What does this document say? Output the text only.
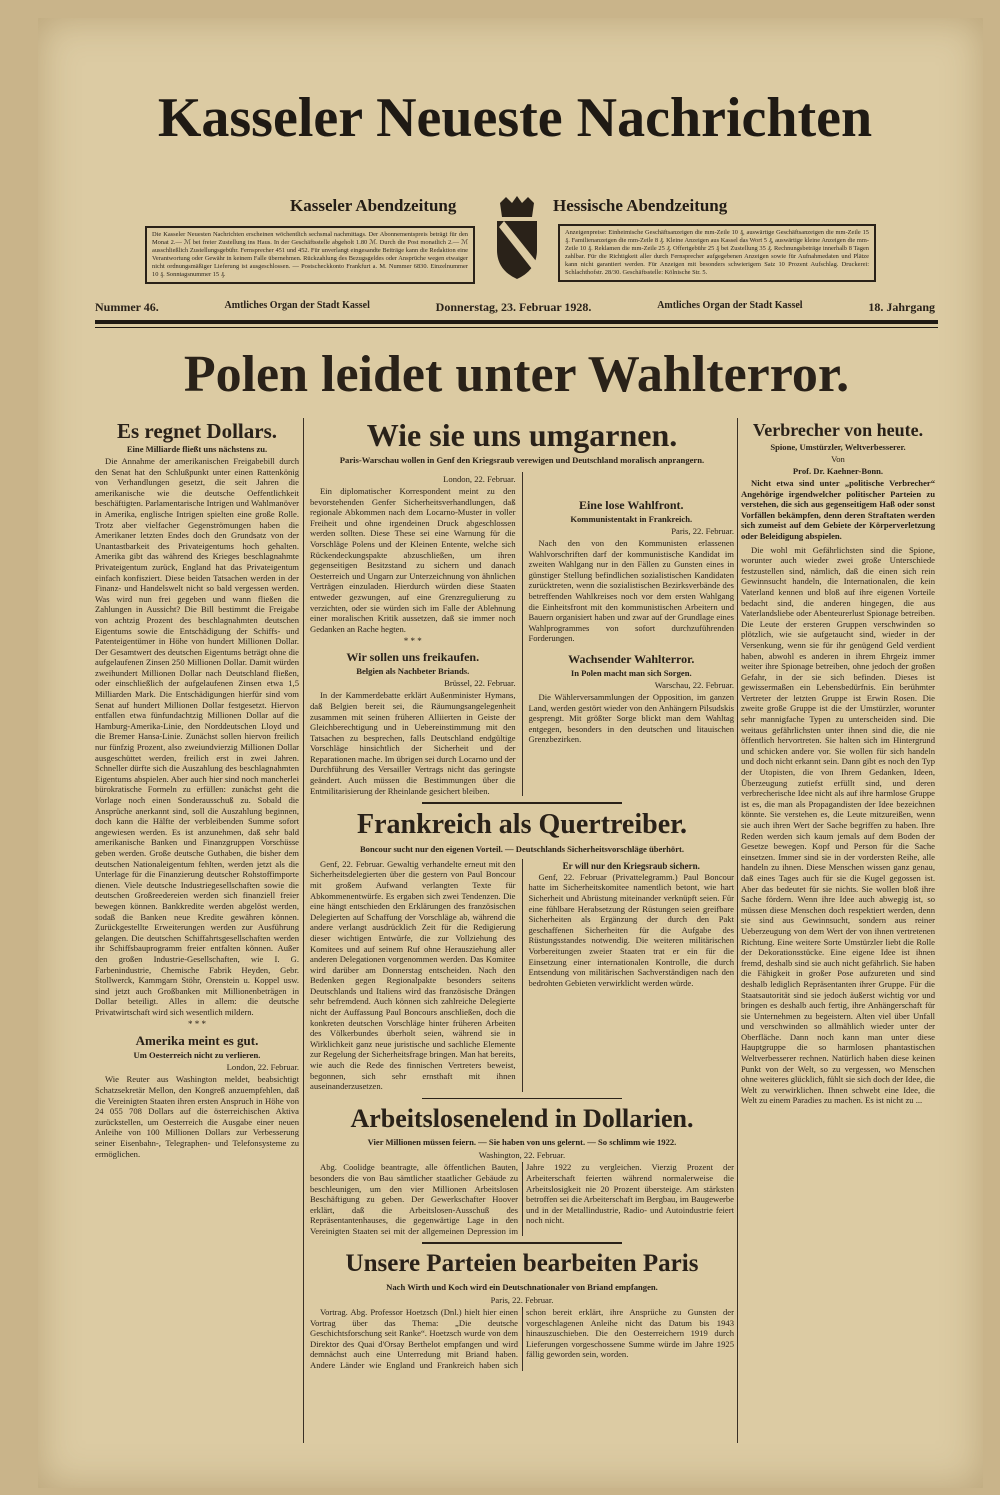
Kasseler Neueste Nachrichten
Kasseler Abendzeitung	Hessische Abendzeitung
Die Kasseler Neuesten Nachrichten erscheinen wöchentlich sechsmal nachmittags. Der Abonnementspreis beträgt für den Monat 2.— ℳ bei freier Zustellung ins Haus. In der Geschäftsstelle abgeholt 1.80 ℳ. Durch die Post monatlich 2.— ℳ ausschließlich Zustellungsgebühr. Fernsprecher 451 und 452. Für unverlangt eingesandte Beiträge kann die Redaktion eine Verantwortung oder Gewähr in keinem Falle übernehmen. Rückzahlung des Bezugsgeldes oder Ansprüche wegen etwaiger nicht ordnungsmäßiger Lieferung ist ausgeschlossen. — Postscheckkonto Frankfurt a. M. Nummer 6830. Einzelnummer 10 ₰. Sonntagsnummer 15 ₰.
Anzeigenpreise: Einheimische Geschäftsanzeigen die mm-Zeile 10 ₰, auswärtige Geschäftsanzeigen die mm-Zeile 15 ₰. Familienanzeigen die mm-Zeile 8 ₰. Kleine Anzeigen aus Kassel das Wort 5 ₰, auswärtige kleine Anzeigen die mm-Zeile 10 ₰. Reklamen die mm-Zeile 25 ₰. Offertgebühr 25 ₰ bei Zustellung 35 ₰. Rechnungsbeträge innerhalb 8 Tagen zahlbar. Für die Richtigkeit aller durch Fernsprecher aufgegebenen Anzeigen sowie für Aufnahmedaten und Plätze kann nicht garantiert werden. Für Anzeigen mit besonders schwierigem Satz 10 Prozent Aufschlag. Druckerei: Schlachthofstr. 28/30. Geschäftsstelle: Kölnische Str. 5.
Nummer 46.	Amtliches Organ der Stadt Kassel	Donnerstag, 23. Februar 1928.	Amtliches Organ der Stadt Kassel	18. Jahrgang
Polen leidet unter Wahlterror.
Es regnet Dollars.
Eine Milliarde fließt uns nächstens zu.

Die Annahme der amerikanischen Freigabebill durch den Senat hat den Schlußpunkt unter einen Rattenkönig von Verhandlungen gesetzt, die seit Jahren die amerikanische wie die deutsche Oeffentlichkeit beschäftigten. Parlamentarische Intrigen und Wahlmanöver in Amerika, englische Intrigen spielten eine große Rolle. Trotz aber vielfacher Gegenströmungen haben die Amerikaner letzten Endes doch den Grundsatz von der Unantastbarkeit des Privateigentums hoch gehalten. Amerika gibt das während des Krieges beschlagnahmte Privateigentum zurück, England hat das Privateigentum einfach konfisziert. Diese beiden Tatsachen werden in der Finanz- und Handelswelt nicht so bald vergessen werden. Was wird nun frei gegeben und wann fließen die Zahlungen in Aussicht? Die Bill bestimmt die Freigabe von achtzig Prozent des beschlagnahmten deutschen Eigentums sowie die Entschädigung der Schiffs- und Patenteigentümer in Höhe von hundert Millionen Dollar. Der Gesamtwert des deutschen Eigentums beträgt ohne die aufgelaufenen Zinsen 250 Millionen Dollar. Damit würden zweihundert Millionen Dollar nach Deutschland fließen, oder einschließlich der aufgelaufenen Zinsen etwa 1,5 Milliarden Mark. Die Entschädigungen hierfür sind vom Senat auf hundert Millionen Dollar festgesetzt. Hiervon entfallen etwa fünfundachtzig Millionen Dollar auf die Hamburg-Amerika-Linie, den Norddeutschen Lloyd und die Bremer Hansa-Linie. Zunächst sollen hiervon freilich nur fünfzig Prozent, also zweiundvierzig Millionen Dollar ausgeschüttet werden, freilich erst in zwei Jahren. Schneller dürfte sich die Auszahlung des beschlagnahmten Eigentums abspielen. Aber auch hier sind noch mancherlei bürokratische Formeln zu erfüllen: zunächst geht die Vorlage noch einen Sonderausschuß zu. Sobald die Ansprüche anerkannt sind, soll die Auszahlung beginnen, doch kann die Hälfte der verbleibenden Summe sofort angewiesen werden. Es ist anzunehmen, daß sehr bald amerikanische Banken und Finanzgruppen Vorschüsse geben werden. Große deutsche Guthaben, die bisher dem deutschen Nationaleigentum fehlten, werden jetzt als die Unterlage für die Finanzierung deutscher Rohstoffimporte dienen. Viele deutsche Industriegesellschaften sowie die deutschen Großreedereien werden sich finanziell freier bewegen können. Bankkredite werden abgelöst werden, sodaß die Banken neue Kredite gewähren können. Zurückgestellte Erweiterungen werden zur Ausführung gelangen. Die deutschen Schiffahrtsgesellschaften werden ihr Schiffsbauprogramm freier entfalten können. Außer den großen Industrie-Gesellschaften, wie I. G. Farbenindustrie, Chemische Fabrik Heyden, Gebr. Stollwerck, Kammgarn Stöhr, Orenstein u. Koppel usw. sind jetzt auch Großbanken mit Millionenbeträgen in Dollar beteiligt. Alles in allem: die deutsche Privatwirtschaft wird sich wesentlich mildern.

* * *
Amerika meint es gut.
Um Oesterreich nicht zu verlieren.
London, 22. Februar.

Wie Reuter aus Washington meldet, beabsichtigt Schatzsekretär Mellon, den Kongreß anzuempfehlen, daß die Vereinigten Staaten ihren ersten Anspruch in Höhe von 24 055 708 Dollars auf die österreichischen Aktiva zurückstellen, um Oesterreich die Ausgabe einer neuen Anleihe von 100 Millionen Dollars zur Verbesserung seiner Eisenbahn-, Telegraphen- und Telefonsysteme zu ermöglichen.

Wie sie uns umgarnen.
Paris-Warschau wollen in Genf den Kriegsraub verewigen und Deutschland moralisch anprangern.
London, 22. Februar.

Ein diplomatischer Korrespondent meint zu den bevorstehenden Genfer Sicherheitsverhandlungen, daß regionale Abkommen nach dem Locarno-Muster in voller Freiheit und ohne irgendeinen Druck abgeschlossen werden sollten. Diese These sei eine Warnung für die Vorschläge Polens und der Kleinen Entente, welche sich Rückendeckungspakte abzuschließen, um ihren gegenseitigen Besitzstand zu sichern und danach Oesterreich und Ungarn zur Unterzeichnung von ähnlichen Verträgen einzuladen. Hierdurch würden diese Staaten entweder gezwungen, auf eine Grenzregulierung zu verzichten, oder sie würden sich im Falle der Ablehnung einer moralischen Kritik aussetzen, daß sie immer noch Gedanken an Rache hegten.

* * *
Wir sollen uns freikaufen.
Belgien als Nachbeter Briands.
Brüssel, 22. Februar.

In der Kammerdebatte erklärt Außenminister Hymans, daß Belgien bereit sei, die Räumungsangelegenheit zusammen mit seinen früheren Alliierten in Geiste der Gleichberechtigung und in Uebereinstimmung mit den Tatsachen zu besprechen, falls Deutschland endgültige Vorschläge hinsichtlich der Sicherheit und der Reparationen mache. Im übrigen sei durch Locarno und der Durchführung des Versailler Vertrags nicht das geringste geändert. Auch müssen die Bestimmungen über die Entmilitarisierung der Rheinlande gesichert bleiben.

Eine lose Wahlfront.
Kommunistentakt in Frankreich.
Paris, 22. Februar.

Nach den von den Kommunisten erlassenen Wahlvorschriften darf der kommunistische Kandidat im zweiten Wahlgang nur in den Fällen zu Gunsten eines in günstiger Stellung befindlichen sozialistischen Kandidaten zurücktreten, wenn die sozialistischen Bezirksverbände des betreffenden Wahlkreises noch vor dem ersten Wahlgang die Einheitsfront mit den kommunistischen Arbeitern und Bauern organisiert haben und zwar auf der Grundlage eines Wahlprogrammes von sofort durchzuführenden Forderungen.

Wachsender Wahlterror.
In Polen macht man sich Sorgen.
Warschau, 22. Februar.

Die Wählerversammlungen der Opposition, im ganzen Land, werden gestört wieder von den Anhängern Pilsudskis gesprengt. Mit größter Sorge blickt man dem Wahltag entgegen, besonders in den deutschen und litauischen Grenzbezirken.

Frankreich als Quertreiber.
Boncour sucht nur den eigenen Vorteil. — Deutschlands Sicherheitsvorschläge überhört.

Genf, 22. Februar. Gewaltig verhandelte erneut mit den Sicherheitsdelegierten über die gestern von Paul Boncour mit großem Aufwand verlangten Texte für Abkommenentwürfe. Es ergaben sich zwei Tendenzen. Die eine hängt entschieden den Erklärungen des französischen Delegierten auf Schaffung der Vorschläge ab, während die andere verlangt ausdrücklich Zeit für die Redigierung dieser wichtigen Entwürfe, die zur Vollziehung des Komitees und auf seinem Ruf ohne Herausziehung aller anderen Delegationen vorgenommen werden. Das Komitee wird darüber am Donnerstag entscheiden. Nach den Bedenken gegen Regionalpakte besonders seitens Deutschlands und Italiens wird das französische Drängen sehr befremdend. Auch können sich zahlreiche Delegierte nicht der Auffassung Paul Boncours anschließen, doch die konkreten deutschen Vorschläge hinter früheren Arbeiten des Völkerbundes überholt seien, während sie in Wirklichkeit ganz neue juristische und sachliche Elemente zur Regelung der Sicherheitsfrage bringen. Man hat bereits, wie auch die Rede des finnischen Vertreters beweist, begonnen, sich sehr ernsthaft mit ihnen auseinanderzusetzen.

Er will nur den Kriegsraub sichern.

Genf, 22. Februar (Privattelegramm.) Paul Boncour hatte im Sicherheitskomitee namentlich betont, wie hart Sicherheit und Abrüstung miteinander verknüpft seien. Für eine fühlbare Herabsetzung der Rüstungen seien greifbare Sicherheiten als Ergänzung der durch den Pakt geschaffenen Sicherheiten für die Aufgabe des Rüstungsstandes notwendig. Die weiteren militärischen Vorbereitungen zweier Staaten trat er ein für die Einsetzung einer internationalen Kontrolle, die durch Entsendung von militärischen Sachverständigen nach den bedrohten Gebieten verwirklicht werden würde.

Arbeitslosenelend in Dollarien.
Vier Millionen müssen feiern. — Sie haben von uns gelernt. — So schlimm wie 1922.
Washington, 22. Februar.

Abg. Coolidge beantragte, alle öffentlichen Bauten, besonders die von Bau sämtlicher staatlicher Gebäude zu beschleunigen, um den vier Millionen Arbeitslosen Beschäftigung zu geben. Der Gewerkschafter Hoover erklärt, daß die Arbeitslosen-Ausschuß des Repräsentantenhauses, die gegenwärtige Lage in den Vereinigten Staaten sei mit der allgemeinen Depression im Jahre 1922 zu vergleichen. Vierzig Prozent der Arbeiterschaft feierten während normalerweise die Arbeitslosigkeit nie 20 Prozent übersteige. Am stärksten betroffen sei die Arbeiterschaft im Bergbau, im Baugewerbe und in der Metallindustrie, Radio- und Autoindustrie feiert noch nicht.

Unsere Parteien bearbeiten Paris
Nach Wirth und Koch wird ein Deutschnationaler von Briand empfangen.
Paris, 22. Februar.

Vortrag. Abg. Professor Hoetzsch (Dnl.) hielt hier einen Vortrag über das Thema: „Die deutsche Geschichtsforschung seit Ranke“. Hoetzsch wurde von dem Direktor des Quai d'Orsay Berthelot empfangen und wird demnächst auch eine Unterredung mit Briand haben. Andere Länder wie England und Frankreich haben sich schon bereit erklärt, ihre Ansprüche zu Gunsten der vorgeschlagenen Anleihe nicht das Datum bis 1943 hinauszuschieben. Die den Oesterreichern 1919 durch Lieferungen vorgeschossene Summe würde im Jahre 1925 fällig geworden sein, worden.

Verbrecher von heute.
Spione, Umstürzler, Weltverbesserer.
Von
Prof. Dr. Kaehner-Bonn.

Nicht etwa sind unter „politische Verbrecher“ Angehörige irgendwelcher politischer Parteien zu verstehen, die sich aus gegenseitigem Haß oder sonst Vorfällen bekämpfen, denn deren Straftaten werden sich zumeist auf dem Gebiete der Körperverletzung oder Beleidigung abspielen.

Die wohl mit Gefährlichsten sind die Spione, worunter auch wieder zwei große Unterschiede festzustellen sind, nämlich, daß die einen sich rein Gewinnsucht handeln, die Internationalen, die kein Vaterland kennen und bloß auf ihre eigenen Vorteile bedacht sind, die anderen hingegen, die aus Vaterlandsliebe oder Abenteurerlust Spionage betreiben. Die Leute der ersteren Gruppen verschwinden so plötzlich, wie sie aufgetaucht sind, wieder in der Versenkung, wenn sie für ihr genügend Geld verdient haben, abwohl es anderen in ihrem Ehrgeiz immer weiter ihre Spionage betreiben, ohne jedoch der großen Gefahr, in der sie sich befinden. Dieses ist gewissermaßen ein Lebensbedürfnis. Ein berühmter Vertreter der letzten Gruppe ist Erwin Rosen. Die zweite große Gruppe ist die der Umstürzler, worunter sehr mannigfache Typen zu unterscheiden sind. Die weitaus gefährlichsten unter ihnen sind die, die nie öffentlich hervortreten. Sie halten sich im Hintergrund und schicken andere vor. Sie wollen für sich handeln und doch nicht erkannt sein. Dann gibt es noch den Typ der Utopisten, die von Ihrem Gedanken, Ideen, Überzeugung zutiefst erfüllt sind, und deren verbrecherische Idee nicht als auf ihre harmlose Gruppe ist es, die man als Propagandisten der Idee bezeichnen könnte. Sie verstehen es, die Leute mitzureißen, wenn sie auch ihren Wert der Sache begriffen zu haben. Ihre Reden werden sich kaum jemals auf dem Boden der Gesetze bewegen. Kopf und Person für die Sache einsetzen. Immer sind sie in der vordersten Reihe, alle handeln zu ihnen. Diese Menschen wissen ganz genau, daß eines Tages auch für sie die Kugel gegossen ist. Aber das bedeutet für sie nichts. Sie wollen bloß ihre Sache fördern. Wenn ihre Idee auch abwegig ist, so müssen diese Menschen doch respektiert werden, denn sie sind aus Gewinnsucht, sondern aus reiner Ueberzeugung von dem Wert der von ihnen vertretenen Richtung. Eine weitere Sorte Umstürzler liebt die Rolle der Dekorationsstücke. Eine eigene Idee ist ihnen fremd, deshalb sind sie auch nicht gefährlich. Sie haben die Fähigkeit in großer Pose aufzureten und sind deshalb lediglich Repräsentanten ihrer Gruppe. Für die Staatsautorität sind sie jedoch äußerst wichtig vor und bringen es deshalb auch fertig, ihre Anhängerschaft für sie Unternehmen zu begeistern. Alten viel über Unfall und verschwinden so allmählich wieder unter der Oberfläche. Dann noch kann man unter diese Hauptgruppe die so harmlosen phantastischen Weltverbesserer rechnen. Natürlich haben diese keinen Punkt von der Welt, so zu vergessen, wo Menschen ohne weiteres glücklich, fühlt sie sich doch der Idee, die Welt zu verwirklichen. Ihnen schwebt eine Idee, die Welt zu einem Paradies zu machen. Es ist nicht zu ...
